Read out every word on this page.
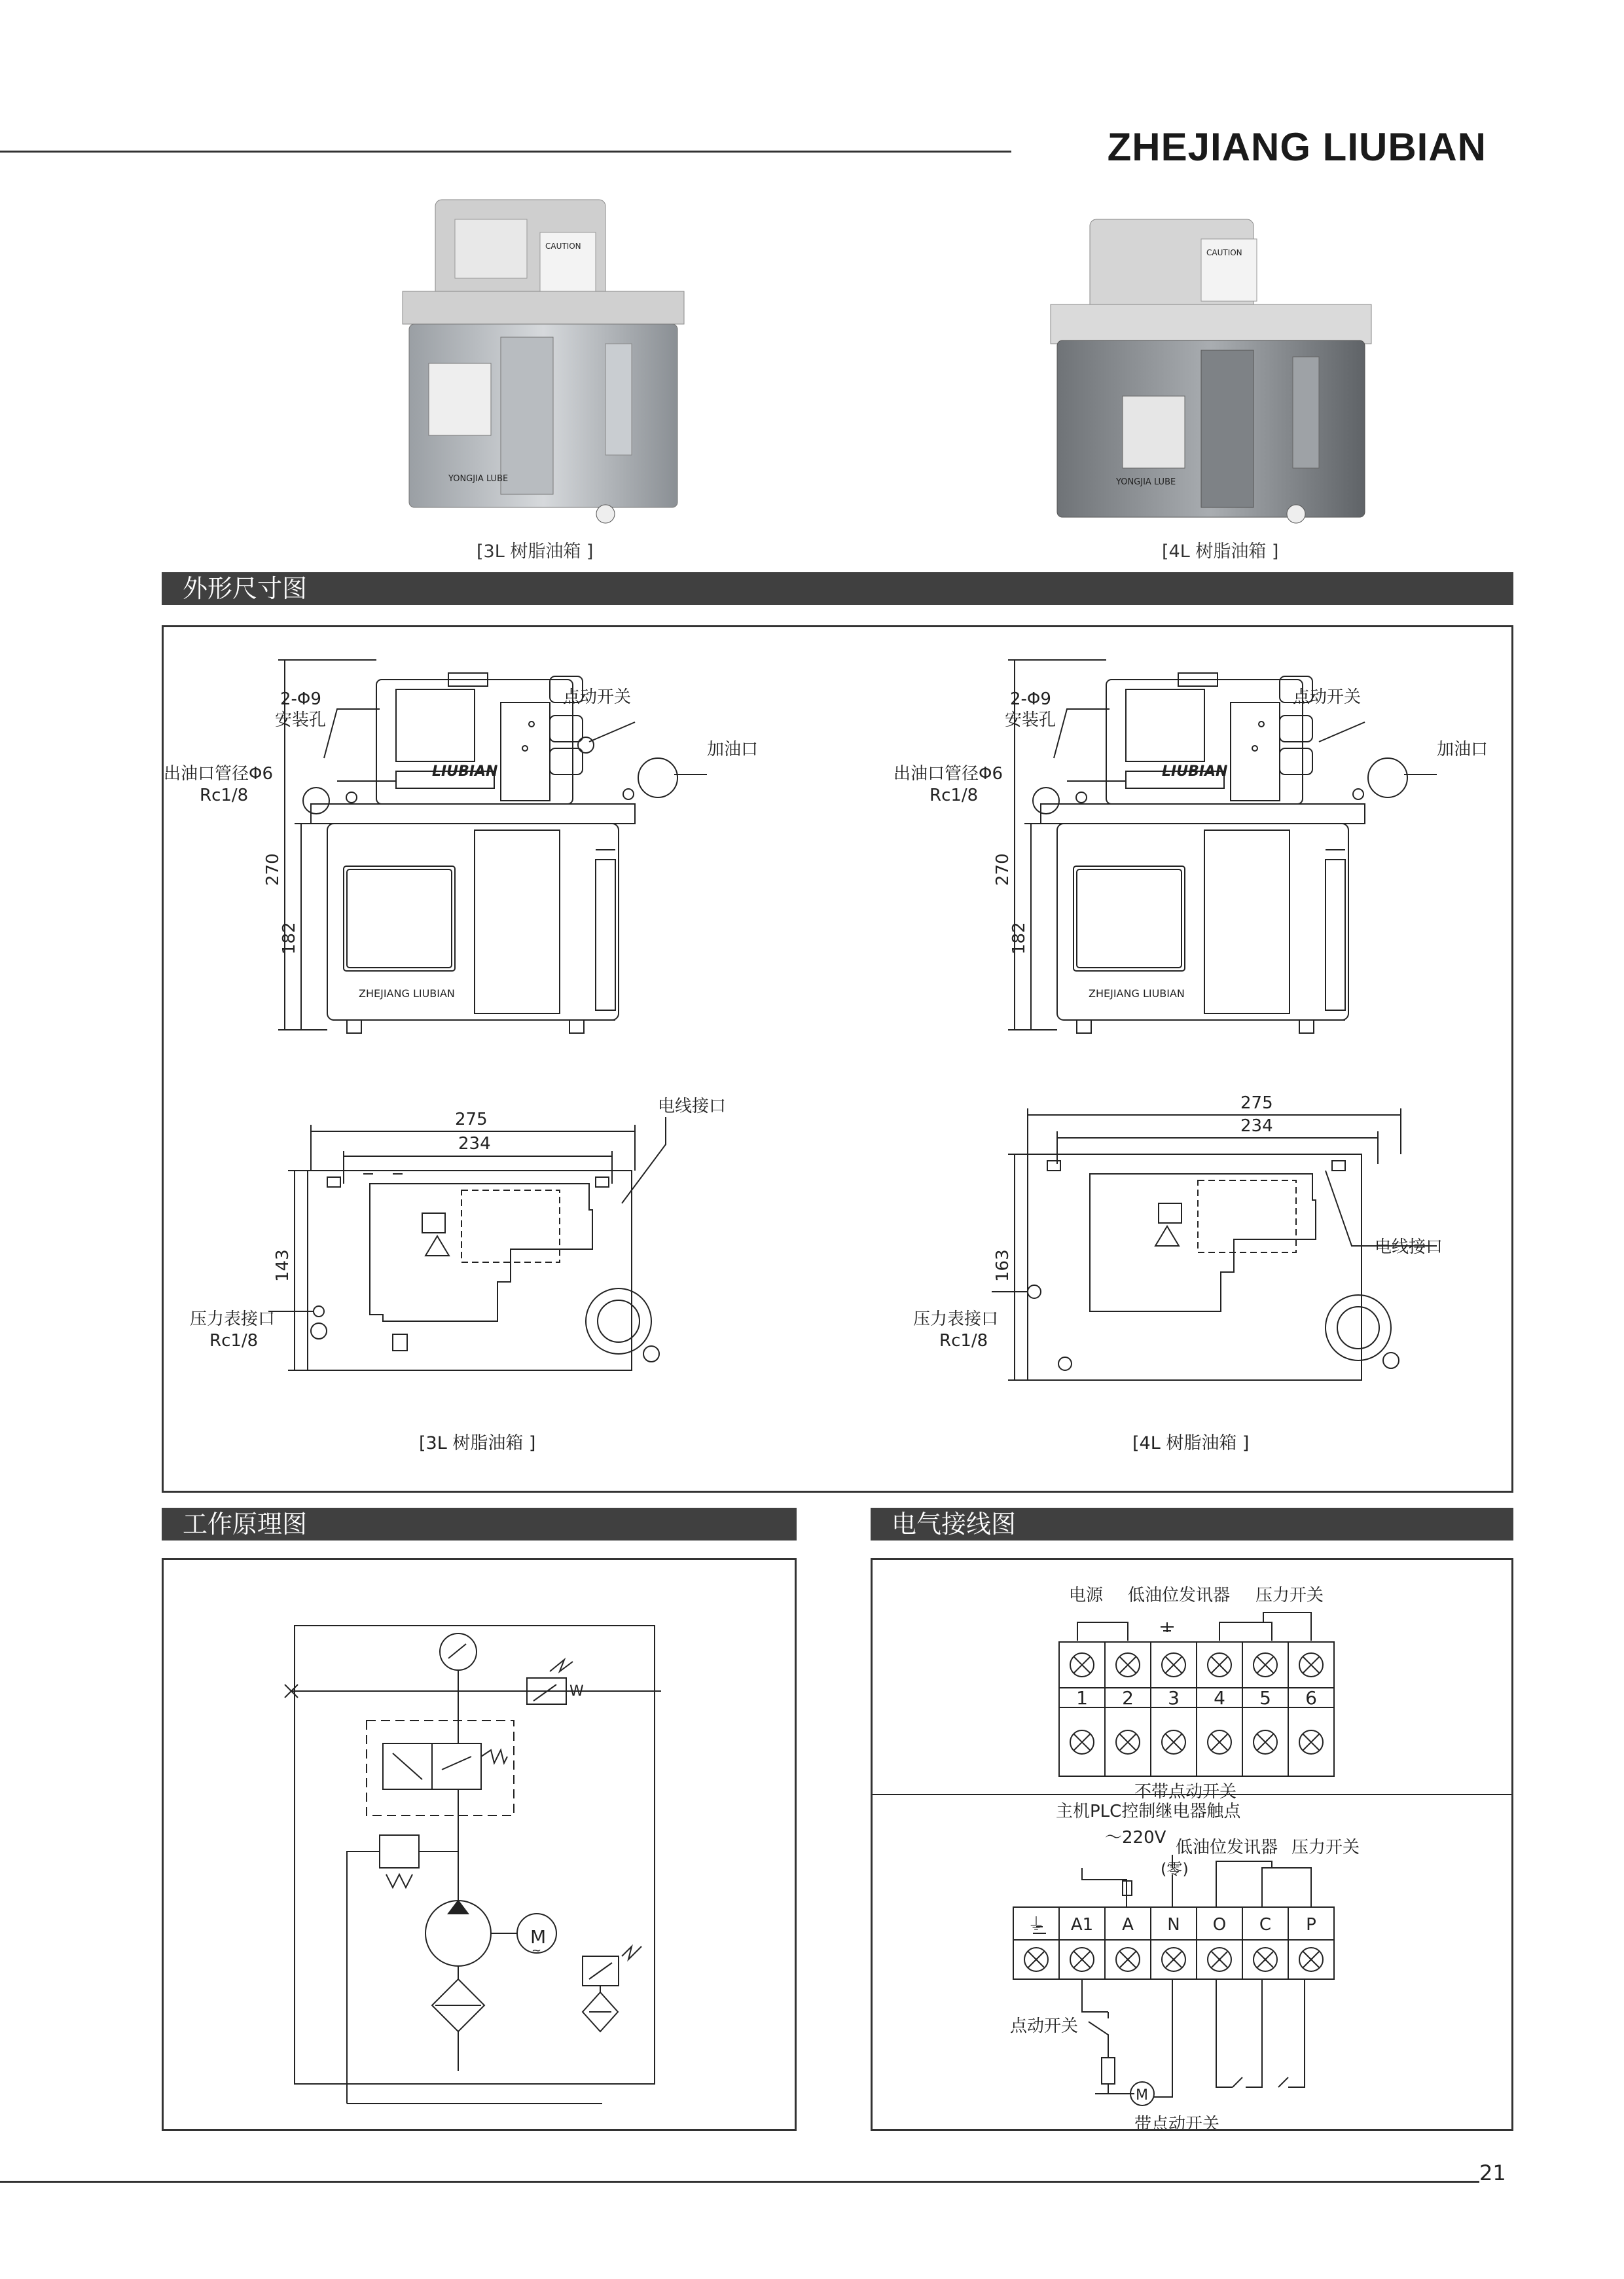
ZHEJIANG LIUBIAN
CAUTION
YONGJIA LUBE
[3L 树脂油箱 ]
CAUTION
YONGJIA LUBE
[4L 树脂油箱 ]
外形尺寸图
LIUBIAN
ZHEJIANG LIUBIAN
2-Φ9
安装孔
出油口管径Φ6
Rc1/8
点动开关
加油口
270
182
275
234
143
电线接口
压力表接口
Rc1/8
[3L 树脂油箱 ]
LIUBIAN
ZHEJIANG LIUBIAN
2-Φ9
安装孔
出油口管径Φ6
Rc1/8
点动开关
加油口
270
182
275
234
163
电线接口
压力表接口
Rc1/8
[4L 树脂油箱 ]
工作原理图	电气接线图
M
~
W
电源 低油位发讯器 压力开关
1 2 3 4 5 6
不带点动开关
主机PLC控制继电器触点
～220V
(零)
低油位发讯器 压力开关
⏚ A1 A N O C P
点动开关
M
带点动开关
21
